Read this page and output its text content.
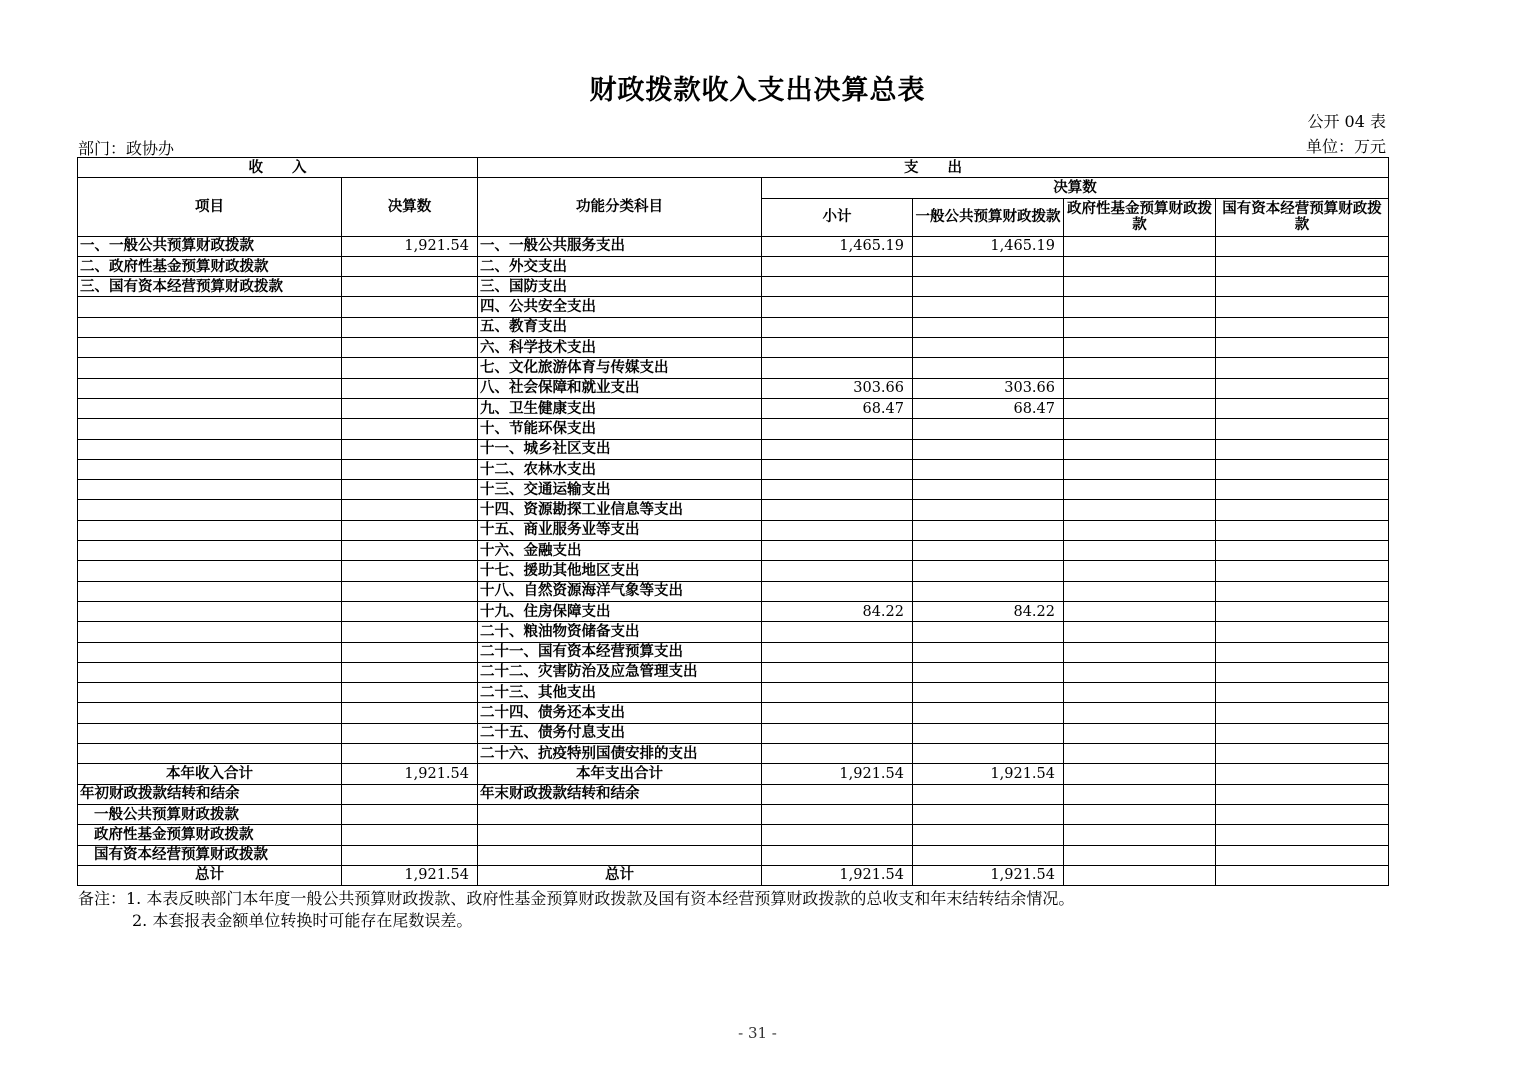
财政拨款收入支出决算总表
公开 04 表
部门：政协办	单位：万元
收　　入		支　　出				
项目	决算数	功能分类科目	决算数			
			小计	一般公共预算财政拨款	政府性基金预算财政拨款	国有资本经营预算财政拨款
一、一般公共预算财政拨款	1,921.54	一、一般公共服务支出	1,465.19	1,465.19		
二、政府性基金预算财政拨款		二、外交支出				
三、国有资本经营预算财政拨款		三、国防支出				
		四、公共安全支出				
		五、教育支出				
		六、科学技术支出				
		七、文化旅游体育与传媒支出				
		八、社会保障和就业支出	303.66	303.66		
		九、卫生健康支出	68.47	68.47		
		十、节能环保支出				
		十一、城乡社区支出				
		十二、农林水支出				
		十三、交通运输支出				
		十四、资源勘探工业信息等支出				
		十五、商业服务业等支出				
		十六、金融支出				
		十七、援助其他地区支出				
		十八、自然资源海洋气象等支出				
		十九、住房保障支出	84.22	84.22		
		二十、粮油物资储备支出				
		二十一、国有资本经营预算支出				
		二十二、灾害防治及应急管理支出				
		二十三、其他支出				
		二十四、债务还本支出				
		二十五、债务付息支出				
		二十六、抗疫特别国债安排的支出				
本年收入合计	1,921.54	本年支出合计	1,921.54	1,921.54		
年初财政拨款结转和结余		年末财政拨款结转和结余				
一般公共预算财政拨款						
政府性基金预算财政拨款						
国有资本经营预算财政拨款						
总计	1,921.54	总计	1,921.54	1,921.54		
备注：1. 本表反映部门本年度一般公共预算财政拨款、政府性基金预算财政拨款及国有资本经营预算财政拨款的总收支和年末结转结余情况。
2. 本套报表金额单位转换时可能存在尾数误差。
- 31 -
